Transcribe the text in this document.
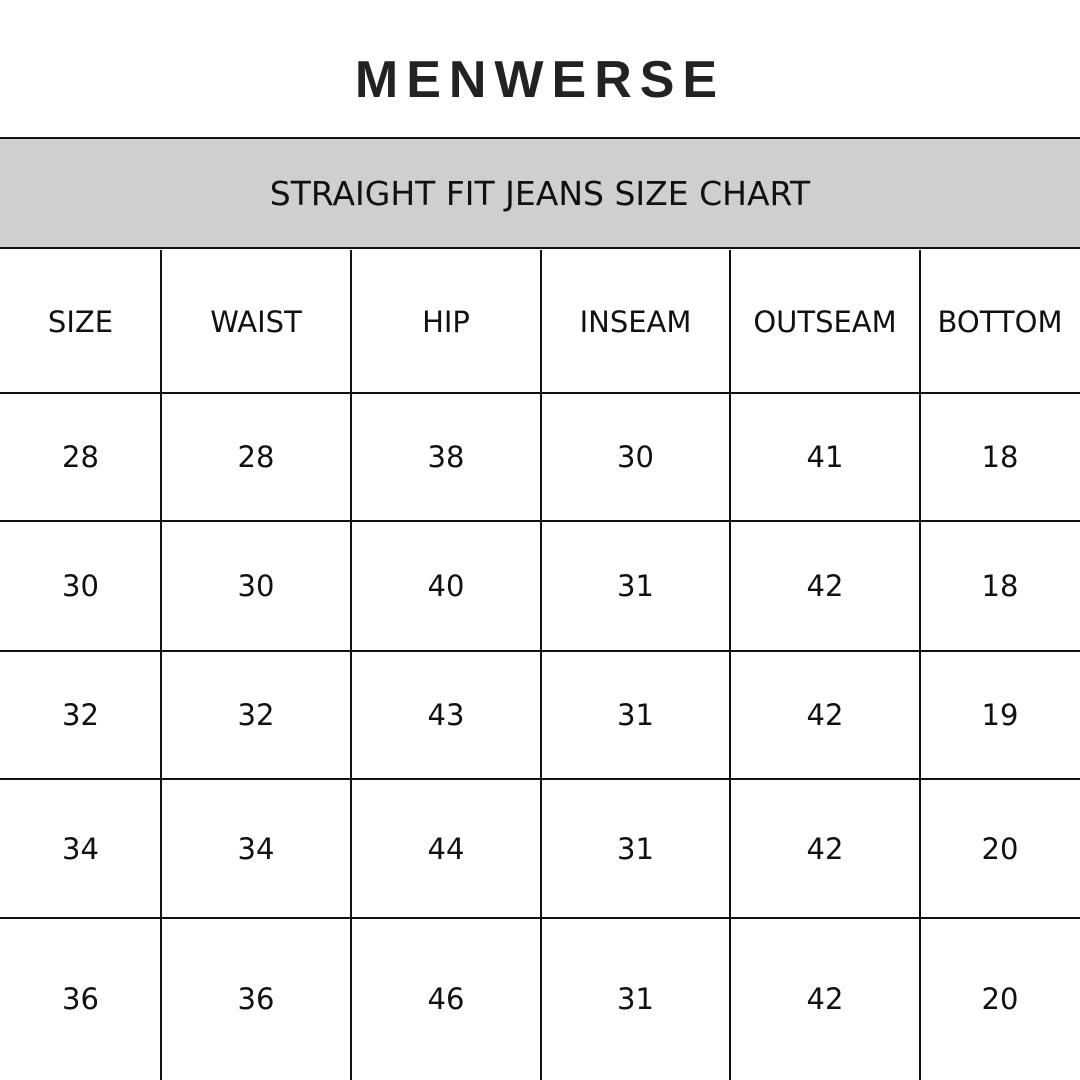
MENWERSE
STRAIGHT FIT JEANS SIZE CHART
SIZE	WAIST	HIP	INSEAM	OUTSEAM	BOTTOM
28	28	38	30	41	18
30	30	40	31	42	18
32	32	43	31	42	19
34	34	44	31	42	20
36	36	46	31	42	20
